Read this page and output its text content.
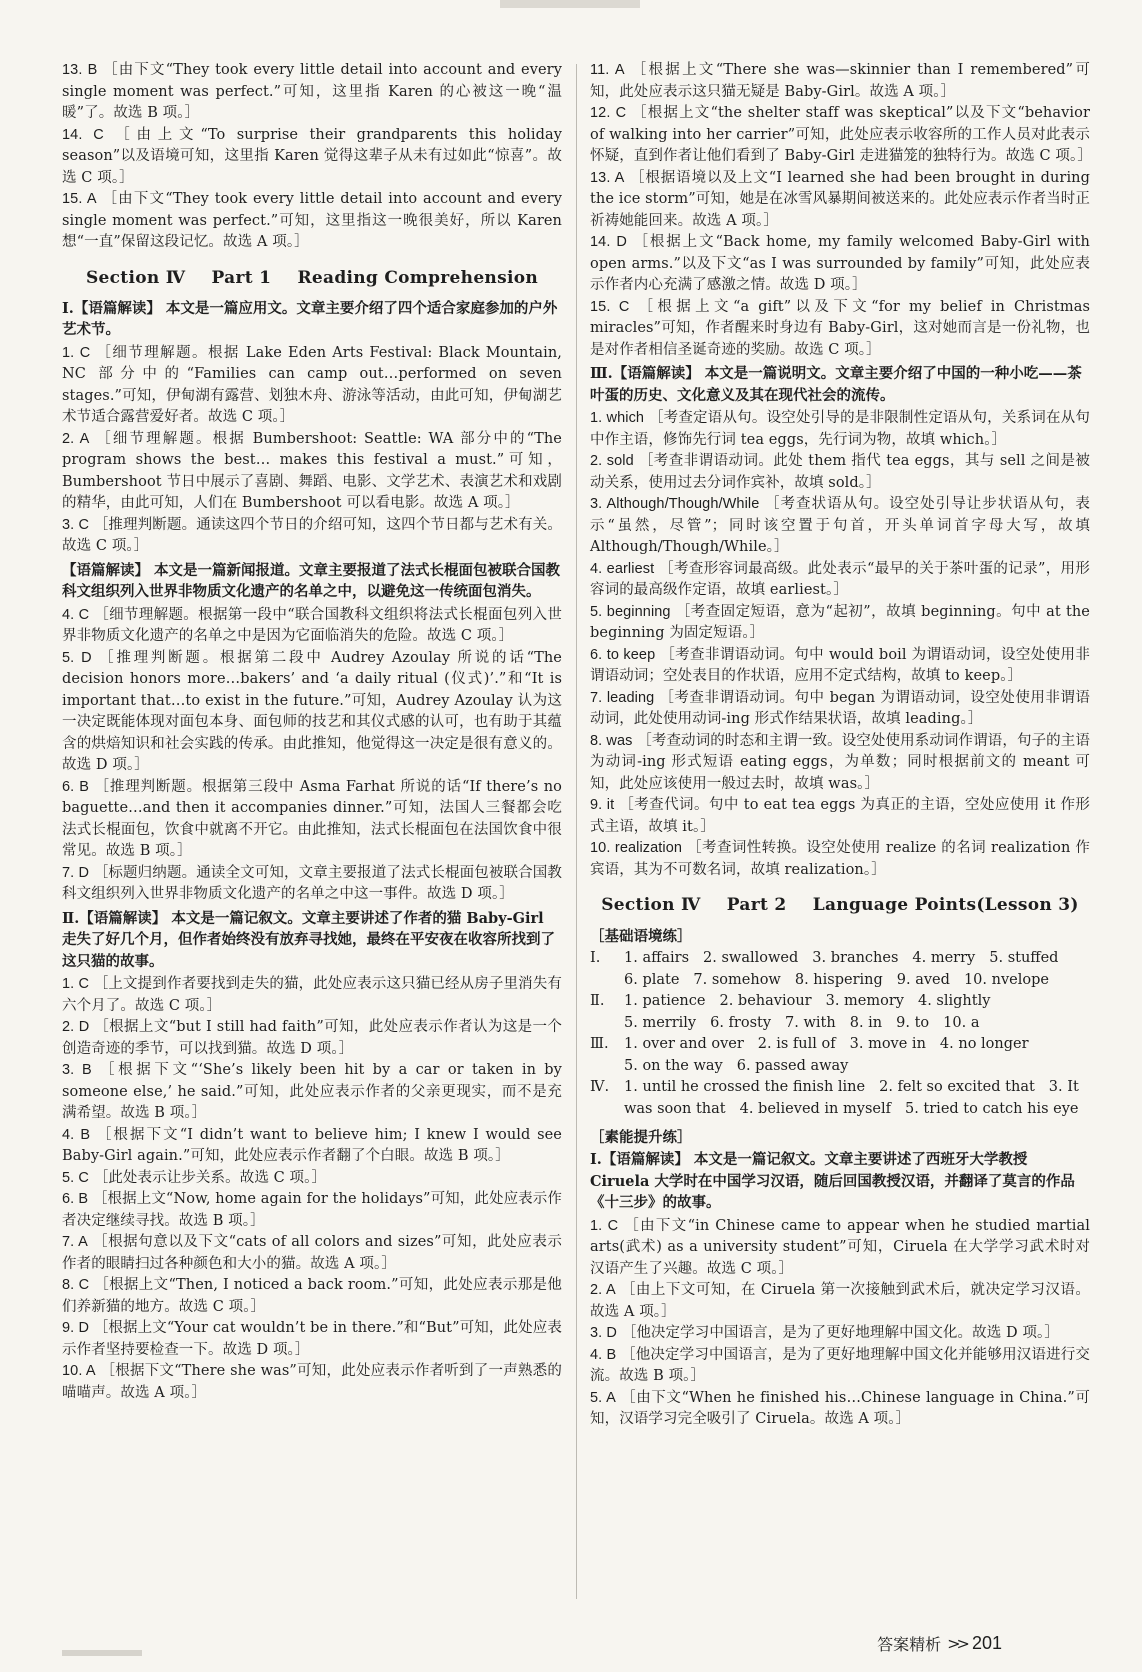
13. B ［由下文“They took every little detail into account and every single moment was perfect.”可知，这里指 Karen 的心被这一晚“温暖”了。故选 B 项。］

14. C ［由上文“To surprise their grandparents this holiday season”以及语境可知，这里指 Karen 觉得这辈子从未有过如此“惊喜”。故选 C 项。］

15. A ［由下文“They took every little detail into account and every single moment was perfect.”可知，这里指这一晚很美好，所以 Karen 想“一直”保留这段记忆。故选 A 项。］

Section Ⅳ Part 1 Reading Comprehension

Ⅰ.【语篇解读】 本文是一篇应用文。文章主要介绍了四个适合家庭参加的户外艺术节。

1. C ［细节理解题。根据 Lake Eden Arts Festival: Black Mountain, NC 部分中的“Families can camp out…performed on seven stages.”可知，伊甸湖有露营、划独木舟、游泳等活动，由此可知，伊甸湖艺术节适合露营爱好者。故选 C 项。］

2. A ［细节理解题。根据 Bumbershoot: Seattle: WA 部分中的“The program shows the best… makes this festival a must.”可知，Bumbershoot 节日中展示了喜剧、舞蹈、电影、文学艺术、表演艺术和戏剧的精华，由此可知，人们在 Bumbershoot 可以看电影。故选 A 项。］

3. C ［推理判断题。通读这四个节日的介绍可知，这四个节日都与艺术有关。故选 C 项。］

【语篇解读】 本文是一篇新闻报道。文章主要报道了法式长棍面包被联合国教科文组织列入世界非物质文化遗产的名单之中，以避免这一传统面包消失。

4. C ［细节理解题。根据第一段中“联合国教科文组织将法式长棍面包列入世界非物质文化遗产的名单之中是因为它面临消失的危险。故选 C 项。］

5. D ［推理判断题。根据第二段中 Audrey Azoulay 所说的话“The decision honors more…bakers’ and ‘a daily ritual (仪式)’.”和“It is important that…to exist in the future.”可知，Audrey Azoulay 认为这一决定既能体现对面包本身、面包师的技艺和其仪式感的认可，也有助于其蕴含的烘焙知识和社会实践的传承。由此推知，他觉得这一决定是很有意义的。故选 D 项。］

6. B ［推理判断题。根据第三段中 Asma Farhat 所说的话“If there’s no baguette…and then it accompanies dinner.”可知，法国人三餐都会吃法式长棍面包，饮食中就离不开它。由此推知，法式长棍面包在法国饮食中很常见。故选 B 项。］

7. D ［标题归纳题。通读全文可知，文章主要报道了法式长棍面包被联合国教科文组织列入世界非物质文化遗产的名单之中这一事件。故选 D 项。］

Ⅱ.【语篇解读】 本文是一篇记叙文。文章主要讲述了作者的猫 Baby-Girl 走失了好几个月，但作者始终没有放弃寻找她，最终在平安夜在收容所找到了这只猫的故事。

1. C ［上文提到作者要找到走失的猫，此处应表示这只猫已经从房子里消失有六个月了。故选 C 项。］

2. D ［根据上文“but I still had faith”可知，此处应表示作者认为这是一个创造奇迹的季节，可以找到猫。故选 D 项。］

3. B ［根据下文“‘She’s likely been hit by a car or taken in by someone else,’ he said.”可知，此处应表示作者的父亲更现实，而不是充满希望。故选 B 项。］

4. B ［根据下文“I didn’t want to believe him; I knew I would see Baby-Girl again.”可知，此处应表示作者翻了个白眼。故选 B 项。］

5. C ［此处表示让步关系。故选 C 项。］

6. B ［根据上文“Now, home again for the holidays”可知，此处应表示作者决定继续寻找。故选 B 项。］

7. A ［根据句意以及下文“cats of all colors and sizes”可知，此处应表示作者的眼睛扫过各种颜色和大小的猫。故选 A 项。］

8. C ［根据上文“Then, I noticed a back room.”可知，此处应表示那是他们养新猫的地方。故选 C 项。］

9. D ［根据上文“Your cat wouldn’t be in there.”和“But”可知，此处应表示作者坚持要检查一下。故选 D 项。］

10. A ［根据下文“There she was”可知，此处应表示作者听到了一声熟悉的喵喵声。故选 A 项。］

11. A ［根据上文“There she was—skinnier than I remembered”可知，此处应表示这只猫无疑是 Baby-Girl。故选 A 项。］

12. C ［根据上文“the shelter staff was skeptical”以及下文“behavior of walking into her carrier”可知，此处应表示收容所的工作人员对此表示怀疑，直到作者让他们看到了 Baby-Girl 走进猫笼的独特行为。故选 C 项。］

13. A ［根据语境以及上文“I learned she had been brought in during the ice storm”可知，她是在冰雪风暴期间被送来的。此处应表示作者当时正祈祷她能回来。故选 A 项。］

14. D ［根据上文“Back home, my family welcomed Baby-Girl with open arms.”以及下文“as I was surrounded by family”可知，此处应表示作者内心充满了感激之情。故选 D 项。］

15. C ［根据上文“a gift”以及下文“for my belief in Christmas miracles”可知，作者醒来时身边有 Baby-Girl，这对她而言是一份礼物，也是对作者相信圣诞奇迹的奖励。故选 C 项。］

Ⅲ.【语篇解读】 本文是一篇说明文。文章主要介绍了中国的一种小吃——茶叶蛋的历史、文化意义及其在现代社会的流传。

1. which ［考查定语从句。设空处引导的是非限制性定语从句，关系词在从句中作主语，修饰先行词 tea eggs，先行词为物，故填 which。］

2. sold ［考查非谓语动词。此处 them 指代 tea eggs，其与 sell 之间是被动关系，使用过去分词作宾补，故填 sold。］

3. Although/Though/While ［考查状语从句。设空处引导让步状语从句，表示“虽然，尽管”；同时该空置于句首，开头单词首字母大写，故填 Although/Though/While。］

4. earliest ［考查形容词最高级。此处表示“最早的关于茶叶蛋的记录”，用形容词的最高级作定语，故填 earliest。］

5. beginning ［考查固定短语，意为“起初”，故填 beginning。句中 at the beginning 为固定短语。］

6. to keep ［考查非谓语动词。句中 would boil 为谓语动词，设空处使用非谓语动词；空处表目的作状语，应用不定式结构，故填 to keep。］

7. leading ［考查非谓语动词。句中 began 为谓语动词，设空处使用非谓语动词，此处使用动词-ing 形式作结果状语，故填 leading。］

8. was ［考查动词的时态和主谓一致。设空处使用系动词作谓语，句子的主语为动词-ing 形式短语 eating eggs，为单数；同时根据前文的 meant 可知，此处应该使用一般过去时，故填 was。］

9. it ［考查代词。句中 to eat tea eggs 为真正的主语，空处应使用 it 作形式主语，故填 it。］

10. realization ［考查词性转换。设空处使用 realize 的名词 realization 作宾语，其为不可数名词，故填 realization。］

Section Ⅳ Part 2 Language Points(Lesson 3)

［基础语境练］

Ⅰ. 1. affairs 2. swallowed 3. branches 4. merry 5. stuffed

6. plate 7. somehow 8. hispering 9. aved 10. nvelope

Ⅱ. 1. patience 2. behaviour 3. memory 4. slightly

5. merrily 6. frosty 7. with 8. in 9. to 10. a

Ⅲ. 1. over and over 2. is full of 3. move in 4. no longer

5. on the way 6. passed away

Ⅳ. 1. until he crossed the finish line 2. felt so excited that 3. It

was soon that 4. believed in myself 5. tried to catch his eye

［素能提升练］

Ⅰ.【语篇解读】 本文是一篇记叙文。文章主要讲述了西班牙大学教授 Ciruela 大学时在中国学习汉语，随后回国教授汉语，并翻译了莫言的作品《十三步》的故事。

1. C ［由下文“in Chinese came to appear when he studied martial arts(武术) as a university student”可知，Ciruela 在大学学习武术时对汉语产生了兴趣。故选 C 项。］

2. A ［由上下文可知，在 Ciruela 第一次接触到武术后，就决定学习汉语。故选 A 项。］

3. D ［他决定学习中国语言，是为了更好地理解中国文化。故选 D 项。］

4. B ［他决定学习中国语言，是为了更好地理解中国文化并能够用汉语进行交流。故选 B 项。］

5. A ［由下文“When he finished his…Chinese language in China.”可知，汉语学习完全吸引了 Ciruela。故选 A 项。］

答案精析 >> 201
